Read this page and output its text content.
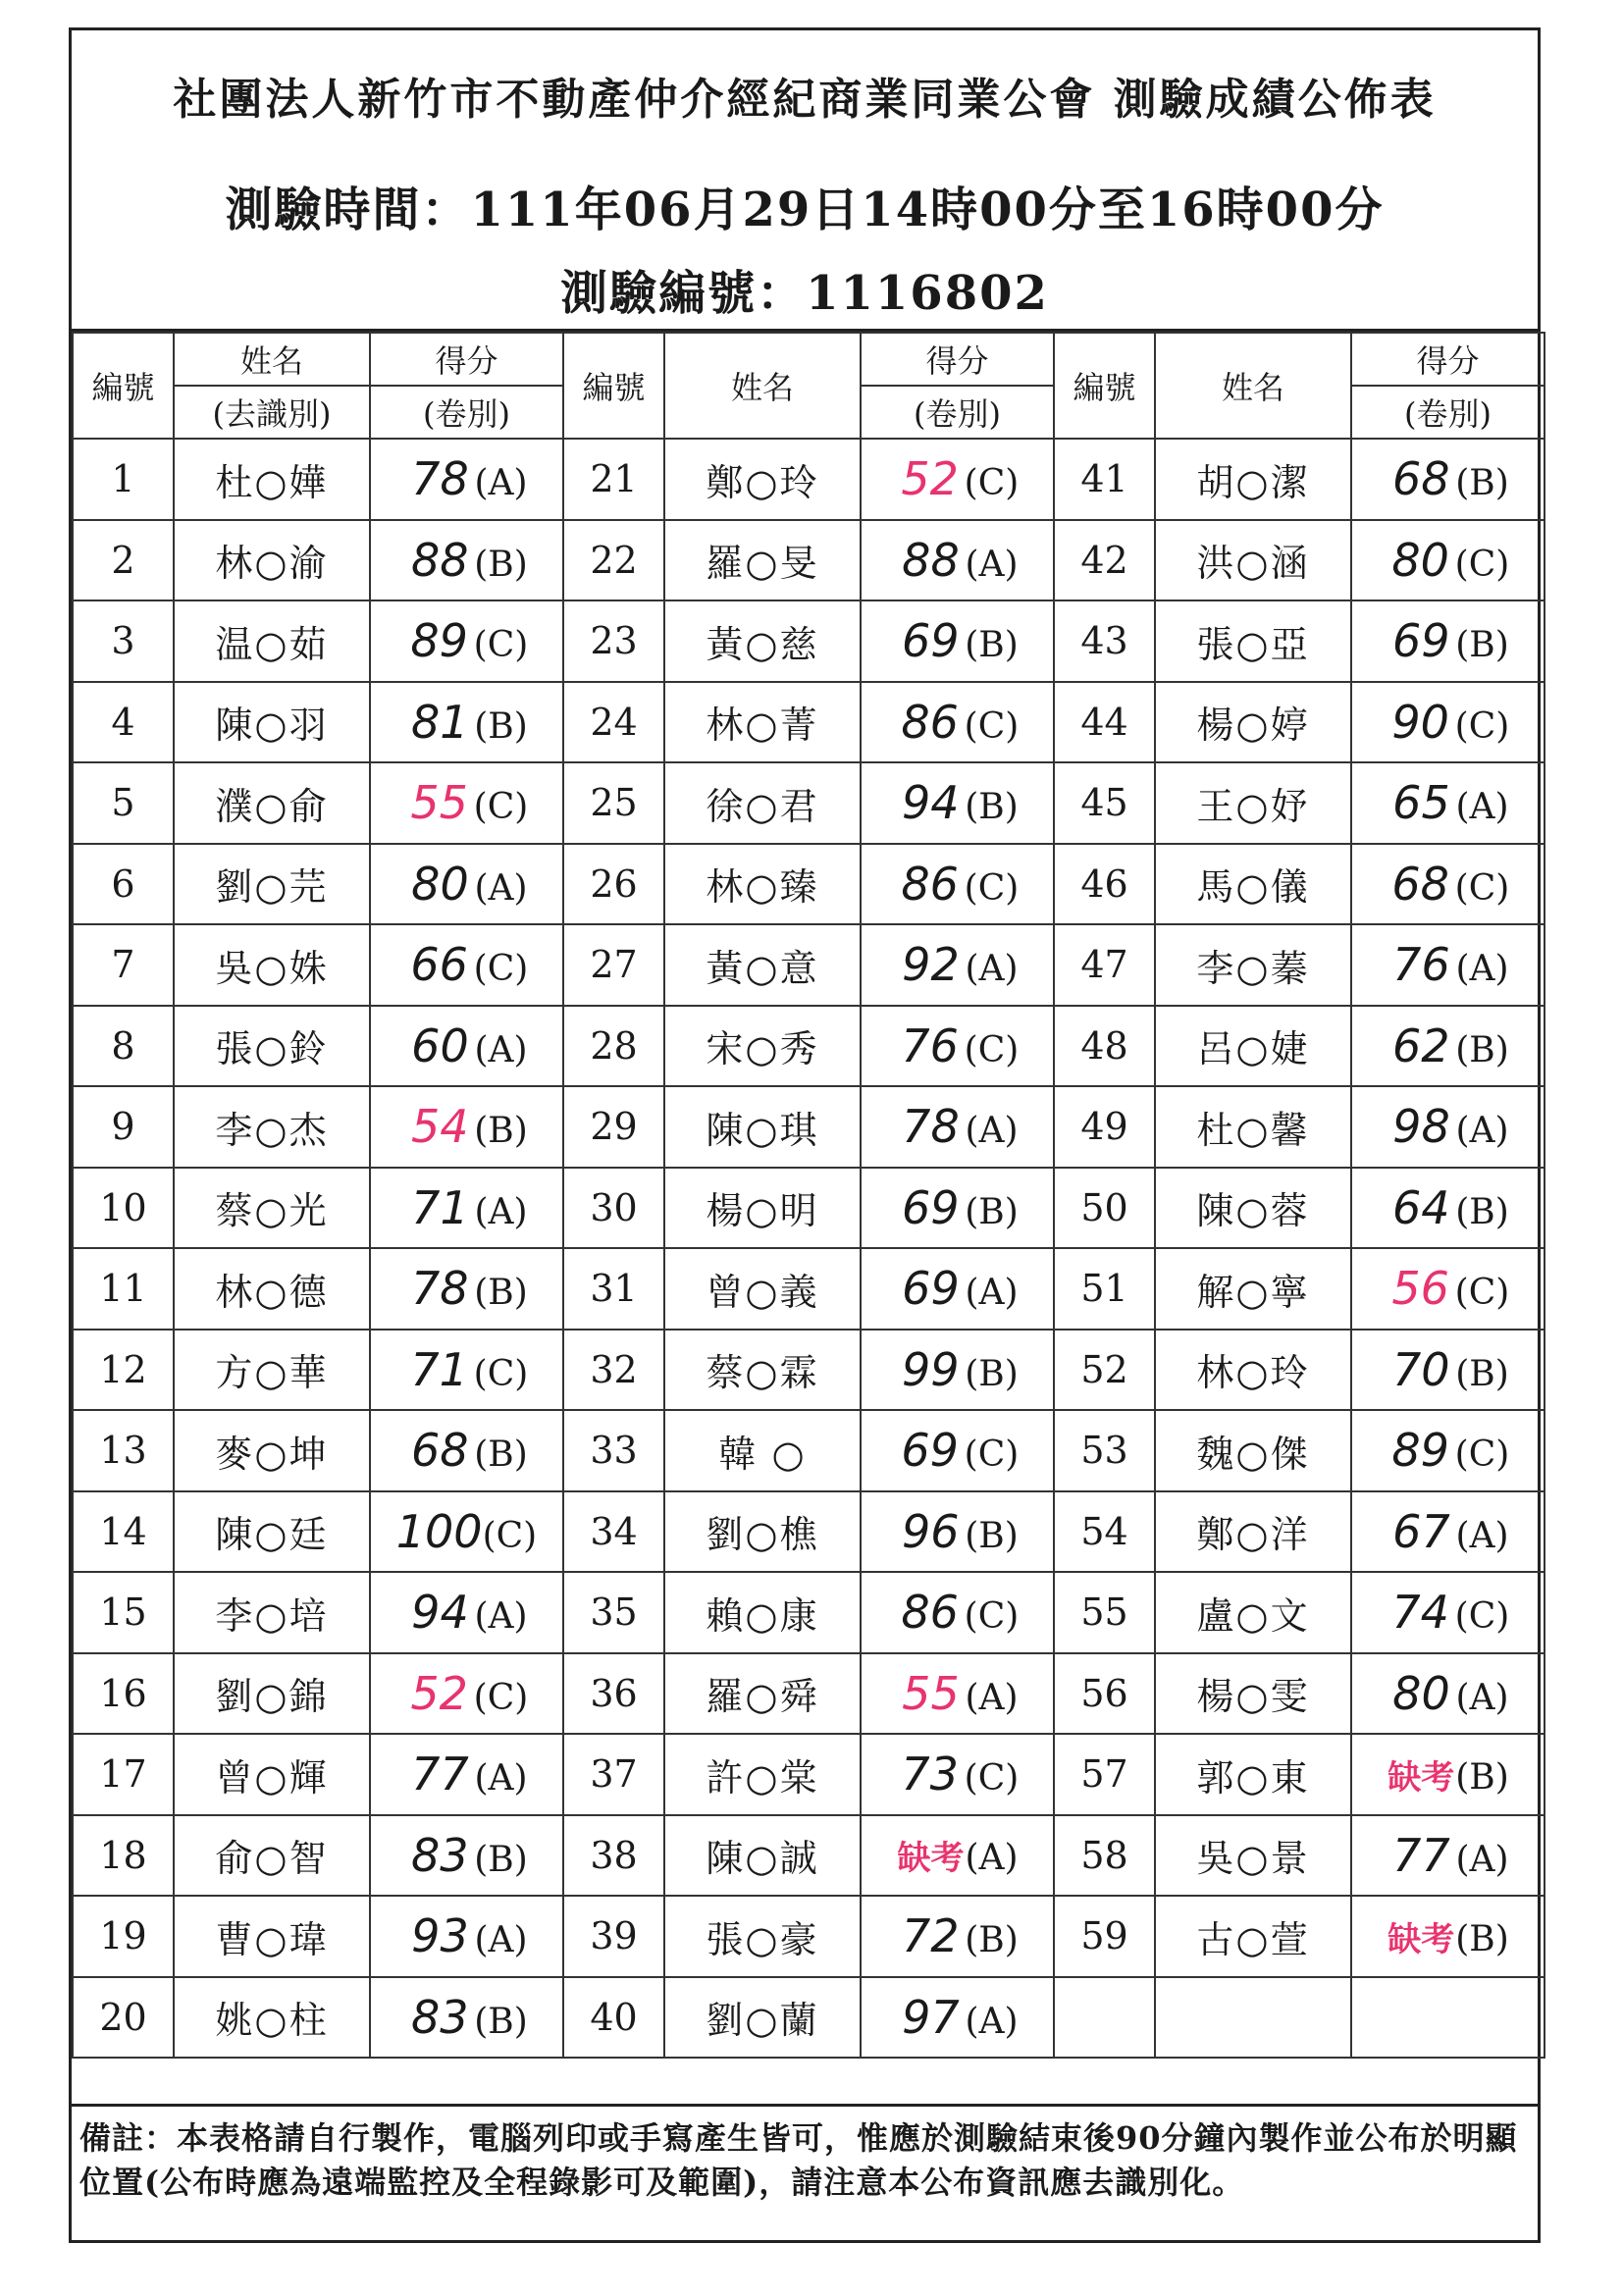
社團法人新竹市不動產仲介經紀商業同業公會 測驗成績公佈表
測驗時間：111年06月29日14時00分至16時00分
測驗編號：1116802
編號	姓名	得分	編號	姓名	得分	編號	姓名	得分
	(去識別)	(卷別)			(卷別)			(卷別)
1	杜○嬅	78 (A)	21	鄭○玲	52 (C)	41	胡○潔	68 (B)
2	林○渝	88 (B)	22	羅○旻	88 (A)	42	洪○涵	80 (C)
3	温○茹	89 (C)	23	黃○慈	69 (B)	43	張○亞	69 (B)
4	陳○羽	81 (B)	24	林○菁	86 (C)	44	楊○婷	90 (C)
5	濮○俞	55 (C)	25	徐○君	94 (B)	45	王○妤	65 (A)
6	劉○芫	80 (A)	26	林○臻	86 (C)	46	馬○儀	68 (C)
7	吳○姝	66 (C)	27	黃○意	92 (A)	47	李○蓁	76 (A)
8	張○鈴	60 (A)	28	宋○秀	76 (C)	48	呂○婕	62 (B)
9	李○杰	54 (B)	29	陳○琪	78 (A)	49	杜○馨	98 (A)
10	蔡○光	71 (A)	30	楊○明	69 (B)	50	陳○蓉	64 (B)
11	林○德	78 (B)	31	曾○義	69 (A)	51	解○寧	56 (C)
12	方○華	71 (C)	32	蔡○霖	99 (B)	52	林○玲	70 (B)
13	麥○坤	68 (B)	33	韓 ○	69 (C)	53	魏○傑	89 (C)
14	陳○廷	100(C)	34	劉○樵	96 (B)	54	鄭○洋	67 (A)
15	李○培	94 (A)	35	賴○康	86 (C)	55	盧○文	74 (C)
16	劉○錦	52 (C)	36	羅○舜	55 (A)	56	楊○雯	80 (A)
17	曾○輝	77 (A)	37	許○棠	73 (C)	57	郭○東	缺考(B)
18	俞○智	83 (B)	38	陳○誠	缺考(A)	58	吳○景	77 (A)
19	曹○瑋	93 (A)	39	張○豪	72 (B)	59	古○萱	缺考(B)
20	姚○柱	83 (B)	40	劉○蘭	97 (A)			
備註：本表格請自行製作，電腦列印或手寫產生皆可，惟應於測驗結束後90分鐘內製作並公布於明顯位置(公布時應為遠端監控及全程錄影可及範圍)，請注意本公布資訊應去識別化。
